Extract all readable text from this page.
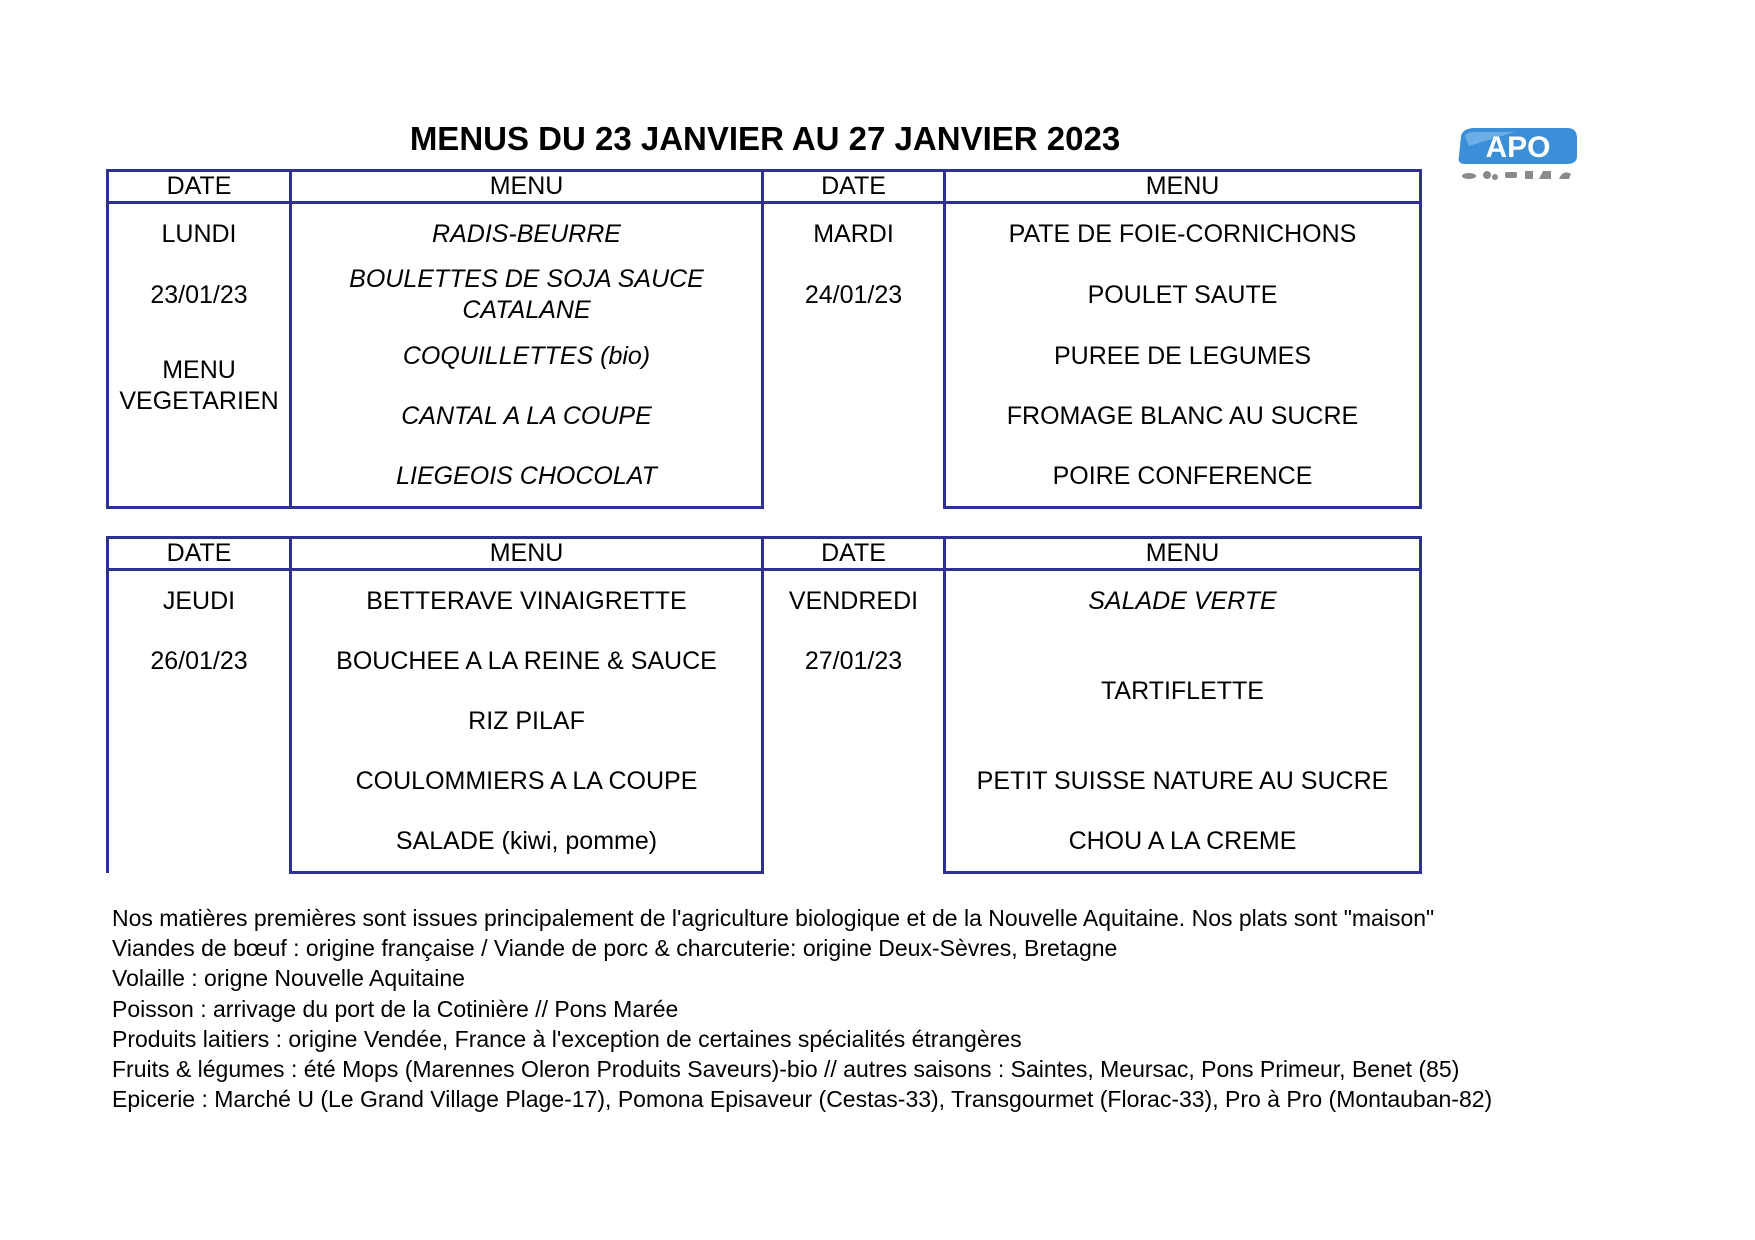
MENUS DU 23 JANVIER AU 27 JANVIER 2023	APO
DATE	MENU	DATE	MENU
LUNDI	RADIS-BEURRE	MARDI	PATE DE FOIE-CORNICHONS
23/01/23	BOULETTES DE SOJA SAUCE CATALANE	24/01/23	POULET SAUTE
MENU VEGETARIEN	COQUILLETTES (bio)		PUREE DE LEGUMES
	CANTAL A LA COUPE		FROMAGE BLANC AU SUCRE
	LIEGEOIS CHOCOLAT		POIRE CONFERENCE
DATE	MENU	DATE	MENU
JEUDI	BETTERAVE VINAIGRETTE	VENDREDI	SALADE VERTE
26/01/23	BOUCHEE A LA REINE & SAUCE	27/01/23	TARTIFLETTE
	RIZ PILAF		
	COULOMMIERS A LA COUPE		PETIT SUISSE NATURE AU SUCRE
	SALADE (kiwi, pomme)		CHOU A LA CREME
Nos matières premières sont issues principalement de l'agriculture biologique et de la Nouvelle Aquitaine. Nos plats sont "maison"
Viandes de bœuf : origine française / Viande de porc & charcuterie: origine Deux-Sèvres, Bretagne
Volaille : origne Nouvelle Aquitaine
Poisson : arrivage du port de la Cotinière // Pons Marée
Produits laitiers : origine Vendée, France à l'exception de certaines spécialités étrangères
Fruits & légumes : été Mops (Marennes Oleron Produits Saveurs)-bio // autres saisons : Saintes, Meursac, Pons Primeur, Benet (85)
Epicerie : Marché U (Le Grand Village Plage-17), Pomona Episaveur (Cestas-33), Transgourmet (Florac-33), Pro à Pro (Montauban-82)
